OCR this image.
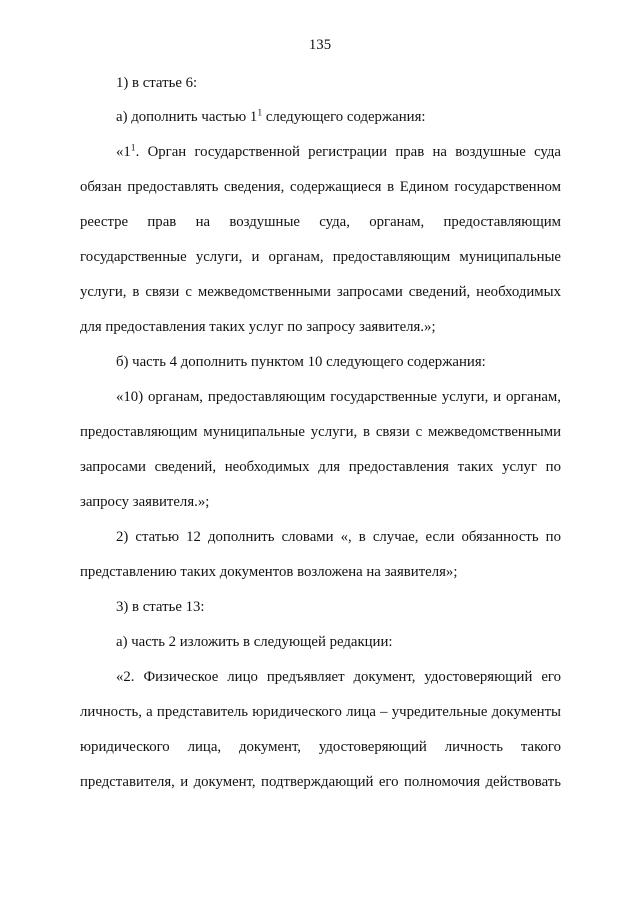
135
1) в статье 6:
а) дополнить частью $1^1$ следующего содержания:
«$1^1$. Орган государственной регистрации прав на воздушные суда
обязан предоставлять сведения, содержащиеся в Едином государственном
реестре прав на воздушные суда, органам, предоставляющим
государственные услуги, и органам, предоставляющим муниципальные
услуги, в связи с межведомственными запросами сведений, необходимых
для предоставления таких услуг по запросу заявителя.»;
б) часть 4 дополнить пунктом 10 следующего содержания:
«10) органам, предоставляющим государственные услуги, и органам,
предоставляющим муниципальные услуги, в связи с межведомственными
запросами сведений, необходимых для предоставления таких услуг по
запросу заявителя.»;
2) статью 12 дополнить словами «, в случае, если обязанность по
представлению таких документов возложена на заявителя»;
3) в статье 13:
а) часть 2 изложить в следующей редакции:
«2. Физическое лицо предъявляет документ, удостоверяющий его
личность, а представитель юридического лица – учредительные документы
юридического лица, документ, удостоверяющий личность такого
представителя, и документ, подтверждающий его полномочия действовать
